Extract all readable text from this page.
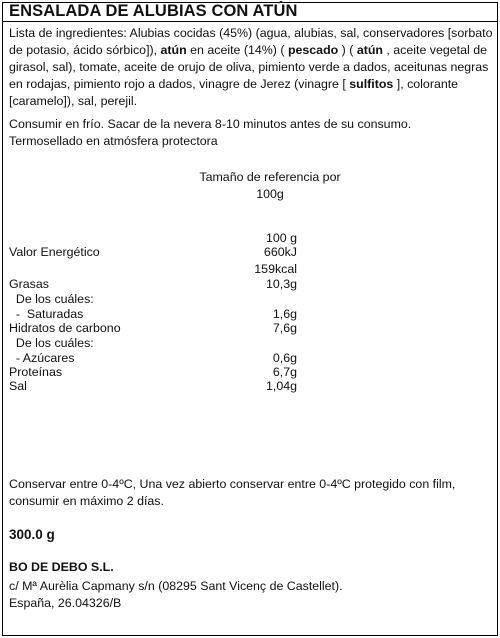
ENSALADA DE ALUBIAS CON ATÚN
Lista de ingredientes: Alubias cocidas (45%) (agua, alubias, sal, conservadores [sorbato de potasio, ácido sórbico]), atún en aceite (14%) ( pescado ) ( atún , aceite vegetal de girasol, sal), tomate, aceite de orujo de oliva, pimiento verde a dados, aceitunas negras en rodajas, pimiento rojo a dados, vinagre de Jerez (vinagre [ sulfitos ], colorante [caramelo]), sal, perejil.
Consumir en frío. Sacar de la nevera 8-10 minutos antes de su consumo.
Termosellado en atmósfera protectora
Tamaño de referencia por
100g
100 g
Valor Energético	660kJ
159kcal
Grasas	10,3g
De los cuáles:
-  Saturadas	1,6g
Hidratos de carbono	7,6g
De los cuáles:
- Azúcares	0,6g
Proteínas	6,7g
Sal	1,04g
Conservar entre 0-4ºC, Una vez abierto conservar entre 0-4ºC protegido con film, consumir en máximo 2 días.
300.0 g
BO DE DEBO S.L.
c/ Mª Aurèlia Capmany s/n (08295 Sant Vicenç de Castellet).
España, 26.04326/B
